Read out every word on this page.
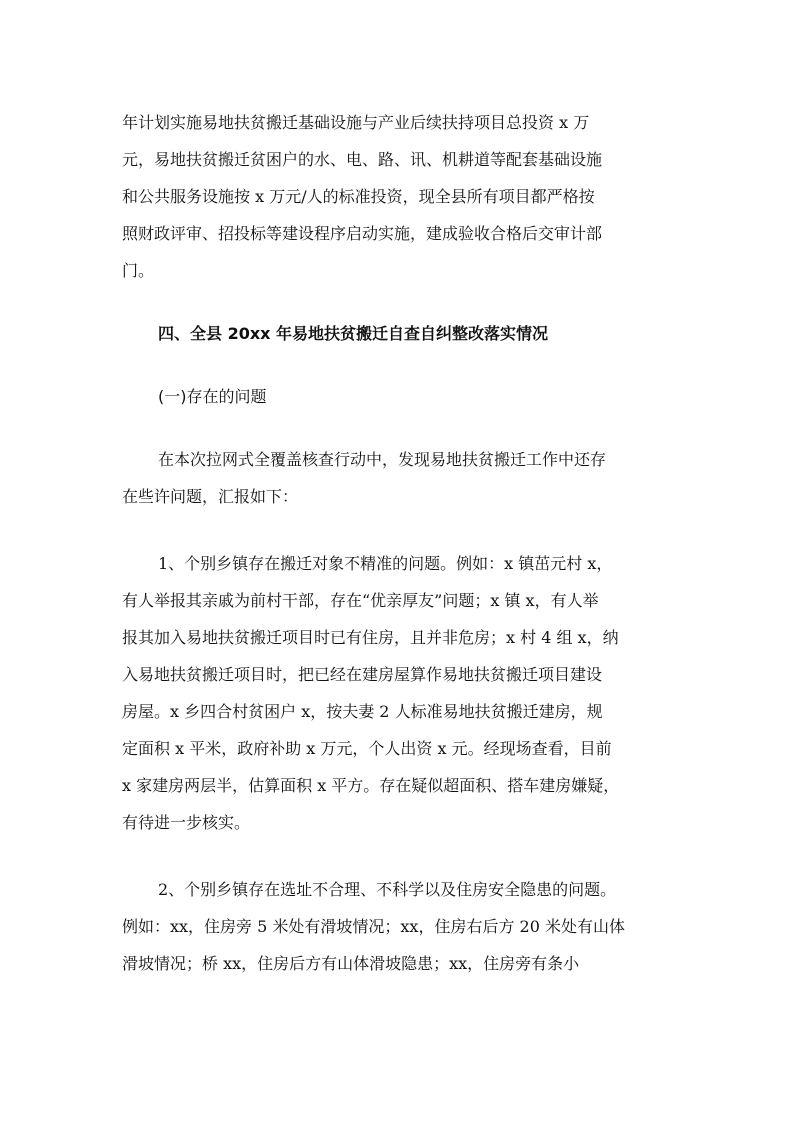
年计划实施易地扶贫搬迁基础设施与产业后续扶持项目总投资 x 万
元，易地扶贫搬迁贫困户的水、电、路、讯、机耕道等配套基础设施
和公共服务设施按 x 万元/人的标准投资，现全县所有项目都严格按
照财政评审、招投标等建设程序启动实施，建成验收合格后交审计部
门。

四、全县 20xx 年易地扶贫搬迁自查自纠整改落实情况

(一)存在的问题

在本次拉网式全覆盖核查行动中，发现易地扶贫搬迁工作中还存
在些许问题，汇报如下：

1、个别乡镇存在搬迁对象不精准的问题。例如：x 镇茁元村 x，
有人举报其亲戚为前村干部，存在“优亲厚友”问题；x 镇 x，有人举
报其加入易地扶贫搬迁项目时已有住房，且并非危房；x 村 4 组 x，纳
入易地扶贫搬迁项目时，把已经在建房屋算作易地扶贫搬迁项目建设
房屋。x 乡四合村贫困户 x，按夫妻 2 人标准易地扶贫搬迁建房，规
定面积 x 平米，政府补助 x 万元，个人出资 x 元。经现场查看，目前
x 家建房两层半，估算面积 x 平方。存在疑似超面积、搭车建房嫌疑，
有待进一步核实。

2、个别乡镇存在选址不合理、不科学以及住房安全隐患的问题。
例如：xx，住房旁 5 米处有滑坡情况；xx，住房右后方 20 米处有山体
滑坡情况；桥 xx，住房后方有山体滑坡隐患；xx，住房旁有条小
